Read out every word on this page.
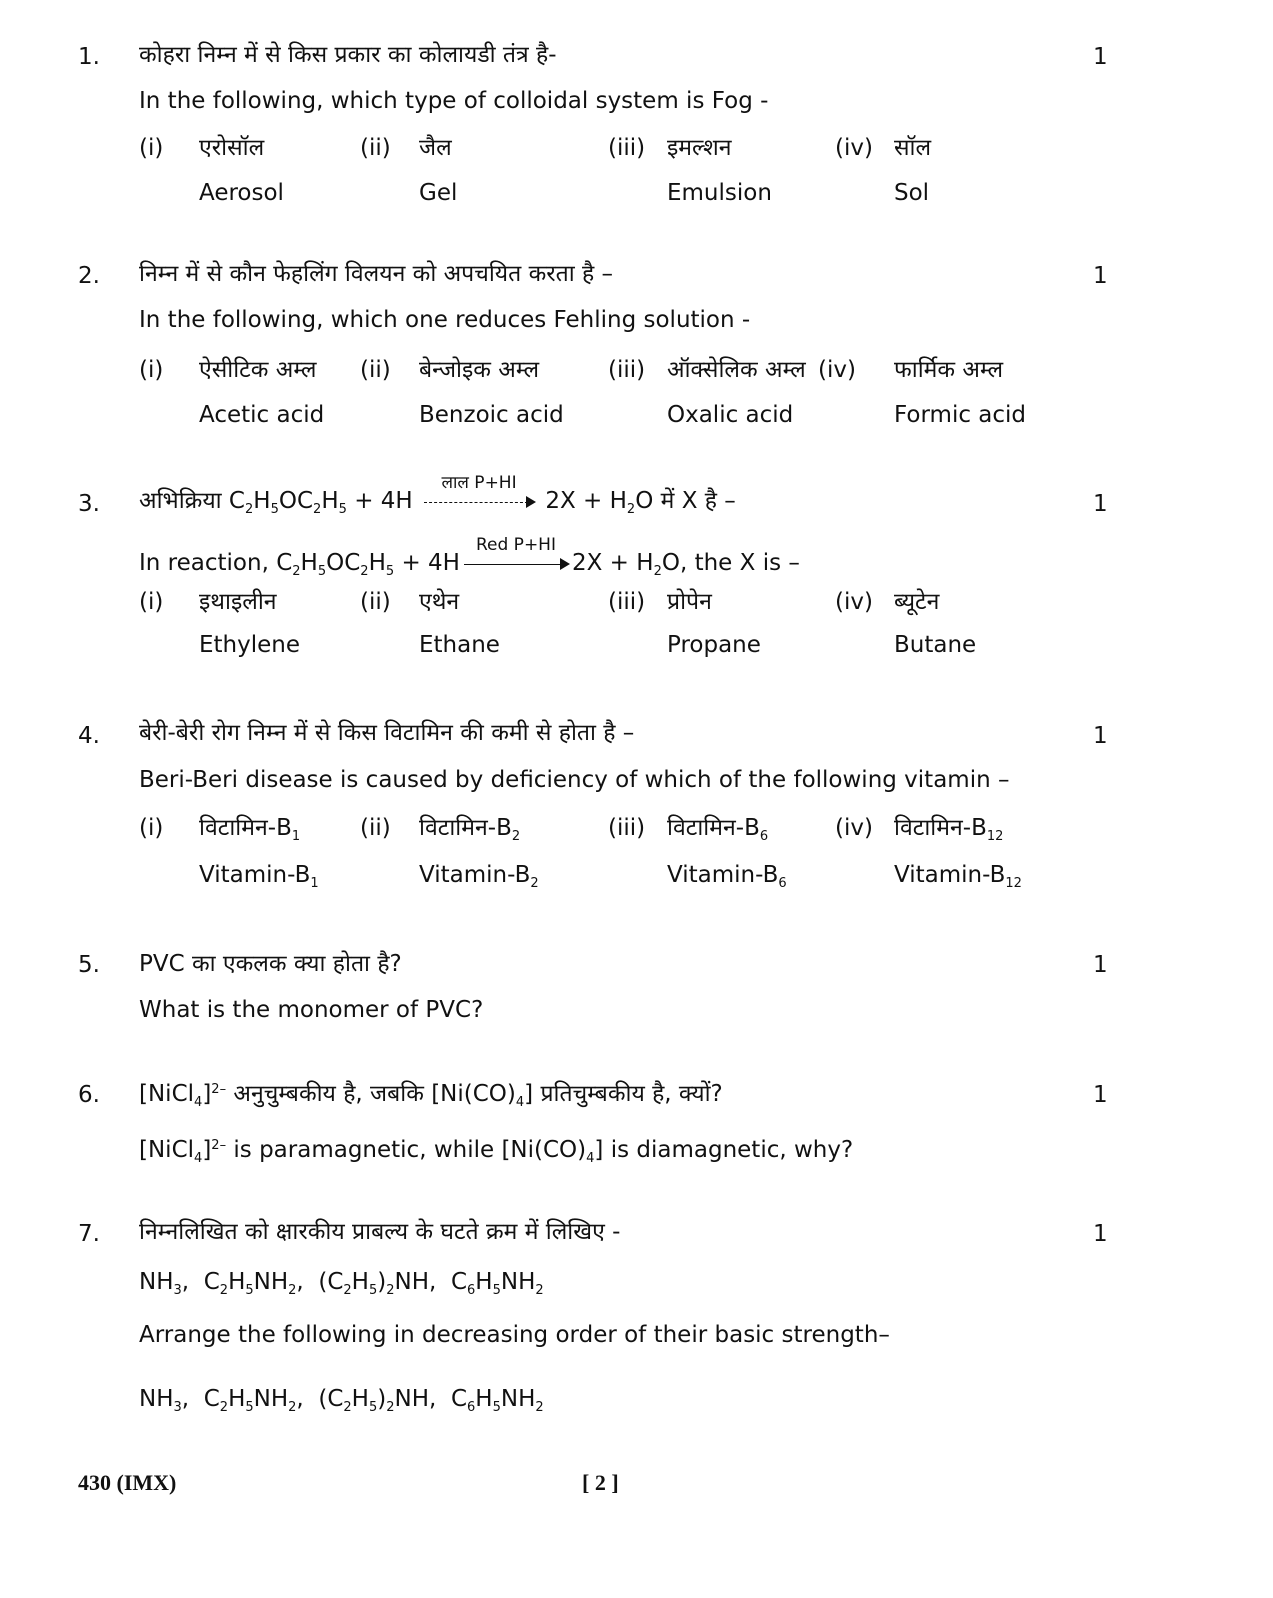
1. कोहरा निम्न में से किस प्रकार का कोलायडी तंत्र है-	1
In the following, which type of colloidal system is Fog -
(i) एरोसॉल	(ii) जैल	(iii) इमल्शन	(iv) सॉल
Aerosol	Gel	Emulsion	Sol
2. निम्न में से कौन फेहलिंग विलयन को अपचयित करता है –	1
In the following, which one reduces Fehling solution -
(i) ऐसीटिक अम्ल (ii) बेन्जोइक अम्ल	(iii) ऑक्सेलिक अम्ल (iv) फार्मिक अम्ल
Acetic acid	Benzoic acid	Oxalic acid	Formic acid
3. अभिक्रिया $C_2H_5OC_2H_5 + 4H$
लाल P+HI
$2X + H_2O$ में X है –	1
In reaction, $C_2H_5OC_2H_5 + 4H$
Red P+HI
$2X + H_2O$, the X is –
(i) इथाइलीन	(ii) एथेन	(iii) प्रोपेन	(iv) ब्यूटेन
Ethylene	Ethane	Propane	Butane
4. बेरी-बेरी रोग निम्न में से किस विटामिन की कमी से होता है –	1
Beri-Beri disease is caused by deficiency of which of the following vitamin –
(i) $विटामिन-B_1$	(ii) $विटामिन-B_2$	(iii) $विटामिन-B_6$	(iv) $विटामिन-B_{12}$
Vitamin-$B_1$	Vitamin-$B_2$	Vitamin-$B_6$	Vitamin-$B_{12}$
5. PVC का एकलक क्या होता है?	1
What is the monomer of PVC?
6. [NiCl$_4$]$^{2-}$ अनुचुम्बकीय है, जबकि $[Ni(CO)_4]$ प्रतिचुम्बकीय है, क्यों?	1
[NiCl$_4$]$^{2-}$ is paramagnetic, while $[Ni(CO)_4]$ is diamagnetic, why?
7. निम्नलिखित को क्षारकीय प्राबल्य के घटते क्रम में लिखिए -	1
$NH_3$,  $C_2H_5NH_2$,  $(C_2H_5)_2NH$,  $C_6H_5NH_2$
Arrange the following in decreasing order of their basic strength–
$NH_3$,  $C_2H_5NH_2$,  $(C_2H_5)_2NH$,  $C_6H_5NH_2$
430 (IMX)	[ 2 ]
